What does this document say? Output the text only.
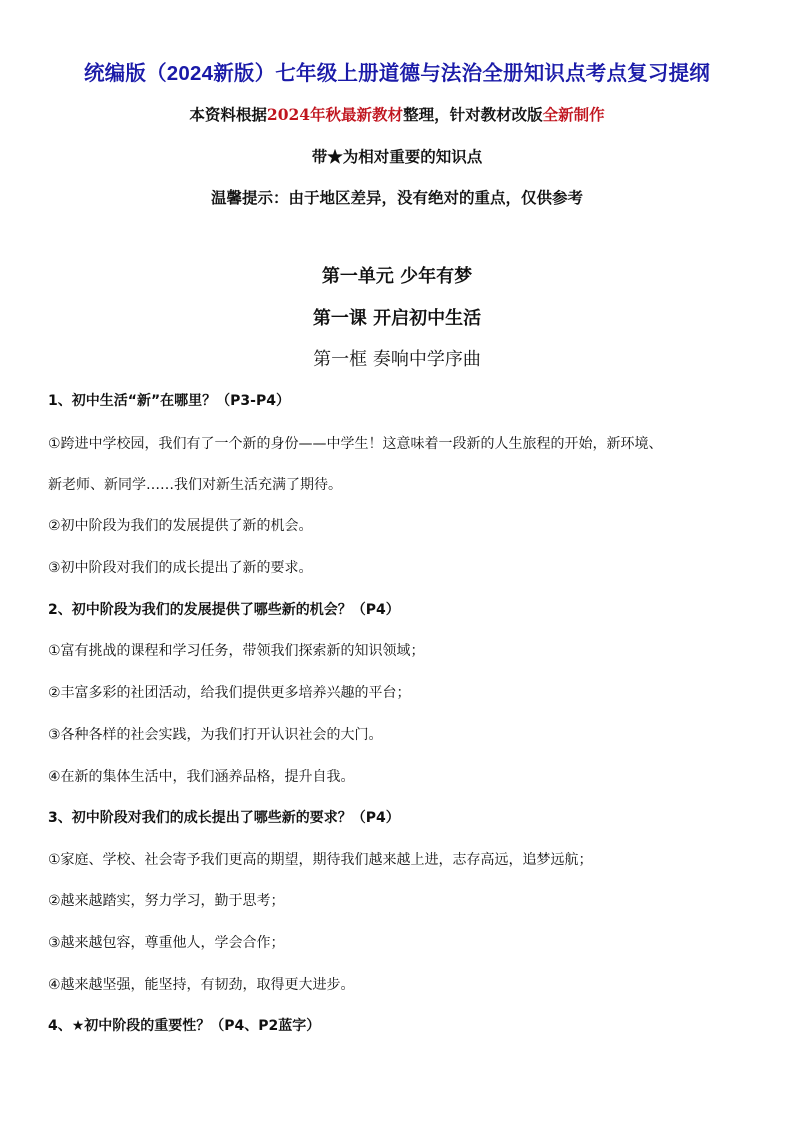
统编版（2024新版）七年级上册道德与法治全册知识点考点复习提纲
本资料根据2024年秋最新教材整理，针对教材改版全新制作
带★为相对重要的知识点
温馨提示：由于地区差异，没有绝对的重点，仅供参考
第一单元 少年有梦
第一课 开启初中生活
第一框 奏响中学序曲
1、初中生活“新”在哪里？（P3-P4）
①跨进中学校园，我们有了一个新的身份——中学生！这意味着一段新的人生旅程的开始，新环境、
新老师、新同学……我们对新生活充满了期待。
②初中阶段为我们的发展提供了新的机会。
③初中阶段对我们的成长提出了新的要求。
2、初中阶段为我们的发展提供了哪些新的机会？（P4）
①富有挑战的课程和学习任务，带领我们探索新的知识领域；
②丰富多彩的社团活动，给我们提供更多培养兴趣的平台；
③各种各样的社会实践，为我们打开认识社会的大门。
④在新的集体生活中，我们涵养品格，提升自我。
3、初中阶段对我们的成长提出了哪些新的要求？（P4）
①家庭、学校、社会寄予我们更高的期望，期待我们越来越上进，志存高远，追梦远航；
②越来越踏实，努力学习，勤于思考；
③越来越包容，尊重他人，学会合作；
④越来越坚强，能坚持，有韧劲，取得更大进步。
4、★初中阶段的重要性？（P4、P2蓝字）
